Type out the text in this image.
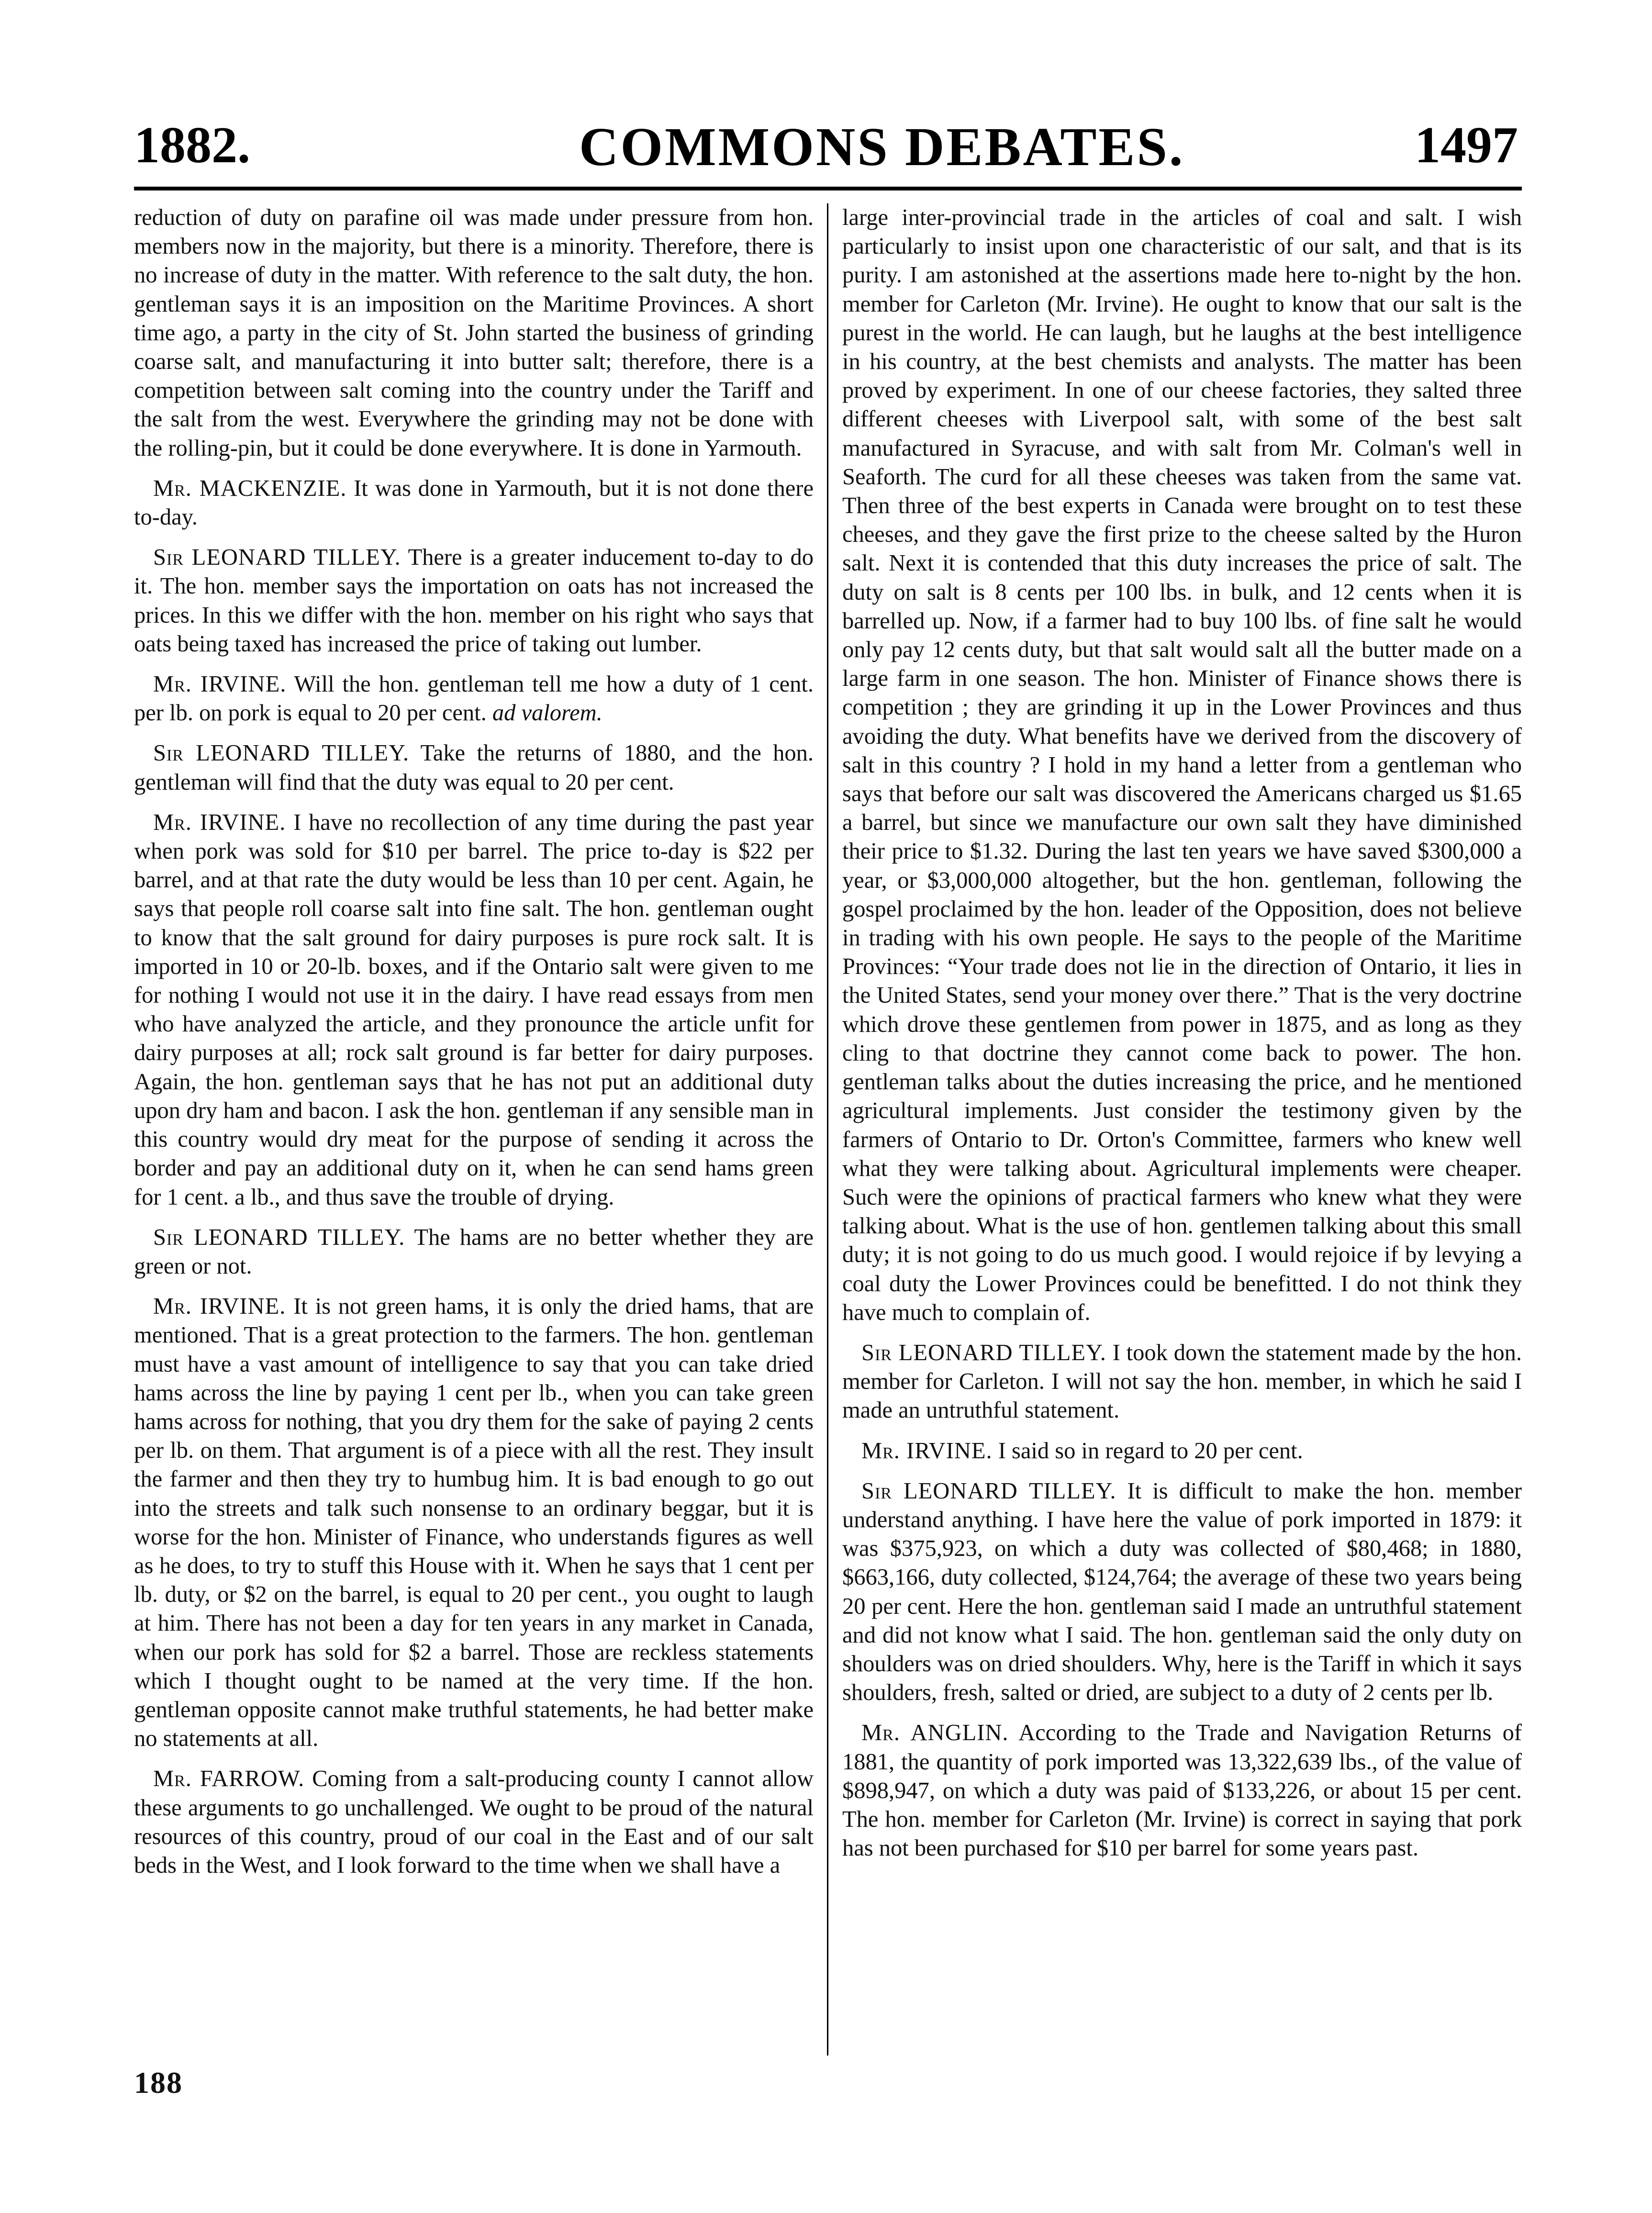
1882.	COMMONS DEBATES.	1497

reduction of duty on parafine oil was made under pressure from hon. members now in the majority, but there is a minority. Therefore, there is no increase of duty in the matter. With reference to the salt duty, the hon. gentleman says it is an imposition on the Maritime Provinces. A short time ago, a party in the city of St. John started the business of grinding coarse salt, and manufacturing it into butter salt; therefore, there is a competition between salt coming into the country under the Tariff and the salt from the west. Everywhere the grinding may not be done with the rolling-pin, but it could be done everywhere. It is done in Yarmouth.

Mr. MACKENZIE. It was done in Yarmouth, but it is not done there to-day.

Sir LEONARD TILLEY. There is a greater inducement to-day to do it. The hon. member says the importation on oats has not increased the prices. In this we differ with the hon. member on his right who says that oats being taxed has increased the price of taking out lumber.

Mr. IRVINE. Will the hon. gentleman tell me how a duty of 1 cent. per lb. on pork is equal to 20 per cent. ad valorem.

Sir LEONARD TILLEY. Take the returns of 1880, and the hon. gentleman will find that the duty was equal to 20 per cent.

Mr. IRVINE. I have no recollection of any time during the past year when pork was sold for $10 per barrel. The price to-day is $22 per barrel, and at that rate the duty would be less than 10 per cent. Again, he says that people roll coarse salt into fine salt. The hon. gentleman ought to know that the salt ground for dairy purposes is pure rock salt. It is imported in 10 or 20-lb. boxes, and if the Ontario salt were given to me for nothing I would not use it in the dairy. I have read essays from men who have analyzed the article, and they pronounce the article unfit for dairy purposes at all; rock salt ground is far better for dairy purposes. Again, the hon. gentleman says that he has not put an additional duty upon dry ham and bacon. I ask the hon. gentleman if any sensible man in this country would dry meat for the purpose of sending it across the border and pay an additional duty on it, when he can send hams green for 1 cent. a lb., and thus save the trouble of drying.

Sir LEONARD TILLEY. The hams are no better whether they are green or not.

Mr. IRVINE. It is not green hams, it is only the dried hams, that are mentioned. That is a great protection to the farmers. The hon. gentleman must have a vast amount of intelligence to say that you can take dried hams across the line by paying 1 cent per lb., when you can take green hams across for nothing, that you dry them for the sake of paying 2 cents per lb. on them. That argument is of a piece with all the rest. They insult the farmer and then they try to humbug him. It is bad enough to go out into the streets and talk such nonsense to an ordinary beggar, but it is worse for the hon. Minister of Finance, who understands figures as well as he does, to try to stuff this House with it. When he says that 1 cent per lb. duty, or $2 on the barrel, is equal to 20 per cent., you ought to laugh at him. There has not been a day for ten years in any market in Canada, when our pork has sold for $2 a barrel. Those are reckless statements which I thought ought to be named at the very time. If the hon. gentleman opposite cannot make truthful statements, he had better make no statements at all.

Mr. FARROW. Coming from a salt-producing county I cannot allow these arguments to go unchallenged. We ought to be proud of the natural resources of this country, proud of our coal in the East and of our salt beds in the West, and I look forward to the time when we shall have a

large inter-provincial trade in the articles of coal and salt. I wish particularly to insist upon one characteristic of our salt, and that is its purity. I am astonished at the assertions made here to-night by the hon. member for Carleton (Mr. Irvine). He ought to know that our salt is the purest in the world. He can laugh, but he laughs at the best intelligence in his country, at the best chemists and analysts. The matter has been proved by experiment. In one of our cheese factories, they salted three different cheeses with Liverpool salt, with some of the best salt manufactured in Syracuse, and with salt from Mr. Colman's well in Seaforth. The curd for all these cheeses was taken from the same vat. Then three of the best experts in Canada were brought on to test these cheeses, and they gave the first prize to the cheese salted by the Huron salt. Next it is contended that this duty increases the price of salt. The duty on salt is 8 cents per 100 lbs. in bulk, and 12 cents when it is barrelled up. Now, if a farmer had to buy 100 lbs. of fine salt he would only pay 12 cents duty, but that salt would salt all the butter made on a large farm in one season. The hon. Minister of Finance shows there is competition ; they are grinding it up in the Lower Provinces and thus avoiding the duty. What benefits have we derived from the discovery of salt in this country ? I hold in my hand a letter from a gentleman who says that before our salt was discovered the Americans charged us $1.65 a barrel, but since we manufacture our own salt they have diminished their price to $1.32. During the last ten years we have saved $300,000 a year, or $3,000,000 altogether, but the hon. gentleman, following the gospel proclaimed by the hon. leader of the Opposition, does not believe in trading with his own people. He says to the people of the Maritime Provinces: “Your trade does not lie in the direction of Ontario, it lies in the United States, send your money over there.” That is the very doctrine which drove these gentlemen from power in 1875, and as long as they cling to that doctrine they cannot come back to power. The hon. gentleman talks about the duties increasing the price, and he mentioned agricultural implements. Just consider the testimony given by the farmers of Ontario to Dr. Orton's Committee, farmers who knew well what they were talking about. Agricultural implements were cheaper. Such were the opinions of practical farmers who knew what they were talking about. What is the use of hon. gentlemen talking about this small duty; it is not going to do us much good. I would rejoice if by levying a coal duty the Lower Provinces could be benefitted. I do not think they have much to complain of.

Sir LEONARD TILLEY. I took down the statement made by the hon. member for Carleton. I will not say the hon. member, in which he said I made an untruthful statement.

Mr. IRVINE. I said so in regard to 20 per cent.

Sir LEONARD TILLEY. It is difficult to make the hon. member understand anything. I have here the value of pork imported in 1879: it was $375,923, on which a duty was collected of $80,468; in 1880, $663,166, duty collected, $124,764; the average of these two years being 20 per cent. Here the hon. gentleman said I made an untruthful statement and did not know what I said. The hon. gentleman said the only duty on shoulders was on dried shoulders. Why, here is the Tariff in which it says shoulders, fresh, salted or dried, are subject to a duty of 2 cents per lb.

Mr. ANGLIN. According to the Trade and Navigation Returns of 1881, the quantity of pork imported was 13,322,639 lbs., of the value of $898,947, on which a duty was paid of $133,226, or about 15 per cent. The hon. member for Carleton (Mr. Irvine) is correct in saying that pork has not been purchased for $10 per barrel for some years past.

188
